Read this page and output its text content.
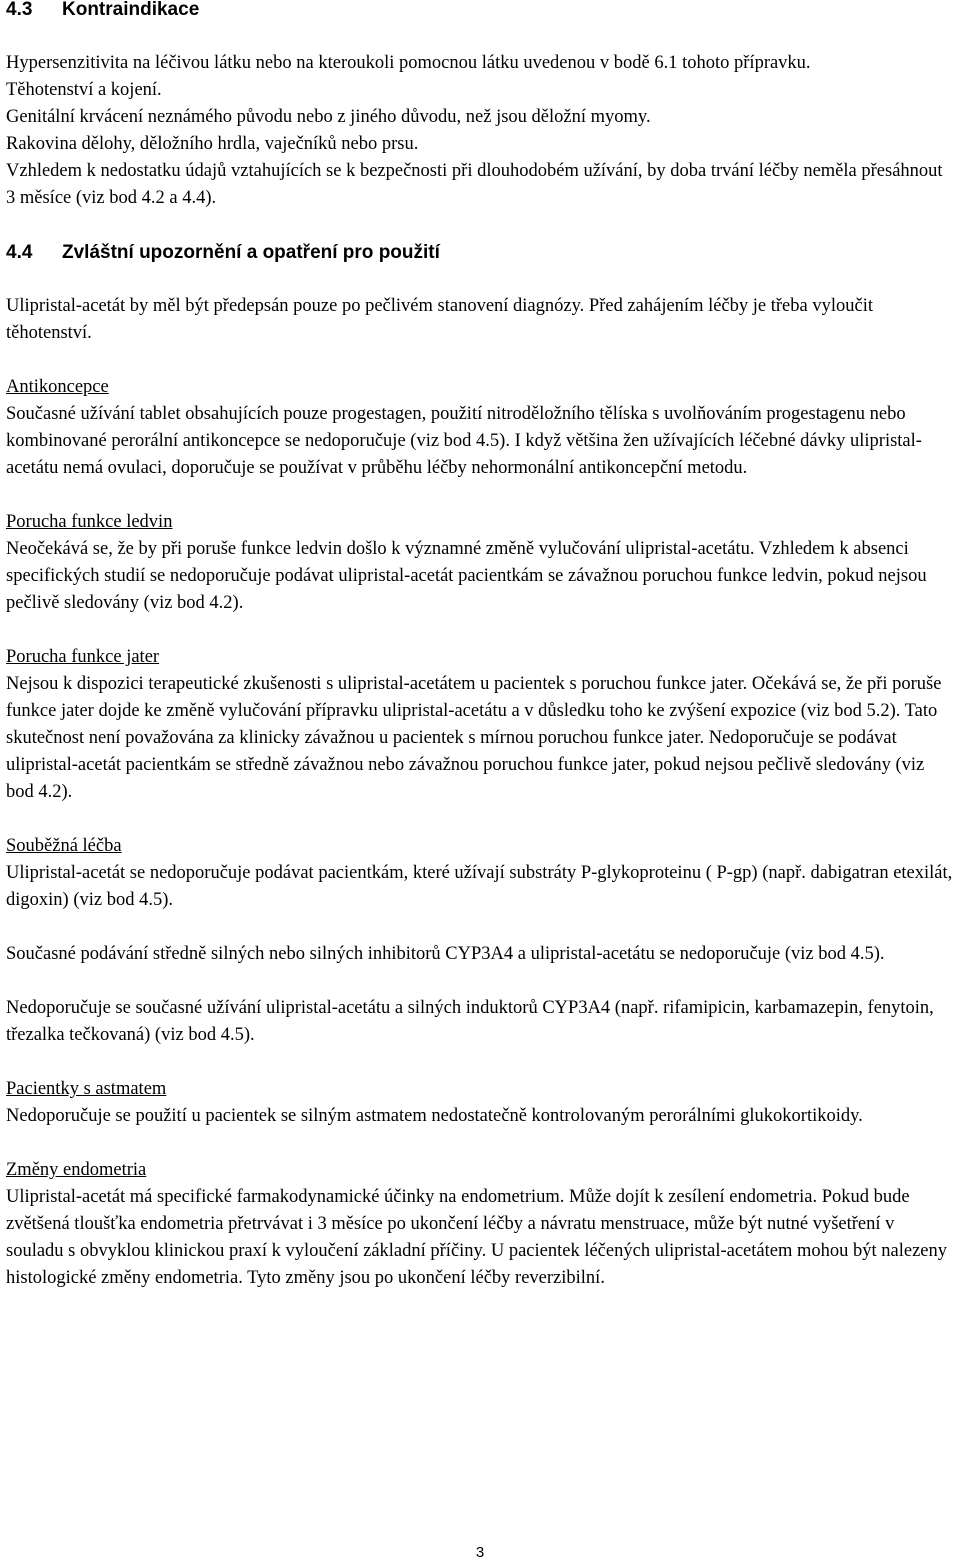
4.3 Kontraindikace
Hypersenzitivita na léčivou látku nebo na kteroukoli pomocnou látku uvedenou v bodě 6.1 tohoto přípravku.
Těhotenství a kojení.
Genitální krvácení neznámého původu nebo z jiného důvodu, než jsou děložní myomy.
Rakovina dělohy, děložního hrdla, vaječníků nebo prsu.
Vzhledem k nedostatku údajů vztahujících se k bezpečnosti při dlouhodobém užívání, by doba trvání léčby neměla přesáhnout 3 měsíce (viz bod 4.2 a 4.4).
4.4 Zvláštní upozornění a opatření pro použití

Ulipristal-acetát by měl být předepsán pouze po pečlivém stanovení diagnózy. Před zahájením léčby je třeba vyloučit těhotenství.

Antikoncepce

Současné užívání tablet obsahujících pouze progestagen, použití nitroděložního tělíska s uvolňováním progestagenu nebo kombinované perorální antikoncepce se nedoporučuje (viz bod 4.5). I když většina žen užívajících léčebné dávky ulipristal-acetátu nemá ovulaci, doporučuje se používat v průběhu léčby nehormonální antikoncepční metodu.

Porucha funkce ledvin

Neočekává se, že by při poruše funkce ledvin došlo k významné změně vylučování ulipristal-acetátu. Vzhledem k absenci specifických studií se nedoporučuje podávat ulipristal-acetát pacientkám se závažnou poruchou funkce ledvin, pokud nejsou pečlivě sledovány (viz bod 4.2).

Porucha funkce jater

Nejsou k dispozici terapeutické zkušenosti s ulipristal-acetátem u pacientek s poruchou funkce jater. Očekává se, že při poruše funkce jater dojde ke změně vylučování přípravku ulipristal-acetátu a v důsledku toho ke zvýšení expozice (viz bod 5.2). Tato skutečnost není považována za klinicky závažnou u pacientek s mírnou poruchou funkce jater. Nedoporučuje se podávat ulipristal-acetát pacientkám se středně závažnou nebo závažnou poruchou funkce jater, pokud nejsou pečlivě sledovány (viz bod 4.2).

Souběžná léčba

Ulipristal-acetát se nedoporučuje podávat pacientkám, které užívají substráty P-glykoproteinu ( P-gp) (např. dabigatran etexilát, digoxin) (viz bod 4.5).

Současné podávání středně silných nebo silných inhibitorů CYP3A4 a ulipristal-acetátu se nedoporučuje (viz bod 4.5).

Nedoporučuje se současné užívání ulipristal-acetátu a silných induktorů CYP3A4 (např. rifamipicin, karbamazepin, fenytoin, třezalka tečkovaná) (viz bod 4.5).

Pacientky s astmatem

Nedoporučuje se použití u pacientek se silným astmatem nedostatečně kontrolovaným perorálními glukokortikoidy.

Změny endometria

Ulipristal-acetát má specifické farmakodynamické účinky na endometrium. Může dojít k zesílení endometria. Pokud bude zvětšená tloušťka endometria přetrvávat i 3 měsíce po ukončení léčby a návratu menstruace, může být nutné vyšetření v souladu s obvyklou klinickou praxí k vyloučení základní příčiny. U pacientek léčených ulipristal-acetátem mohou být nalezeny histologické změny endometria. Tyto změny jsou po ukončení léčby reverzibilní.

3
